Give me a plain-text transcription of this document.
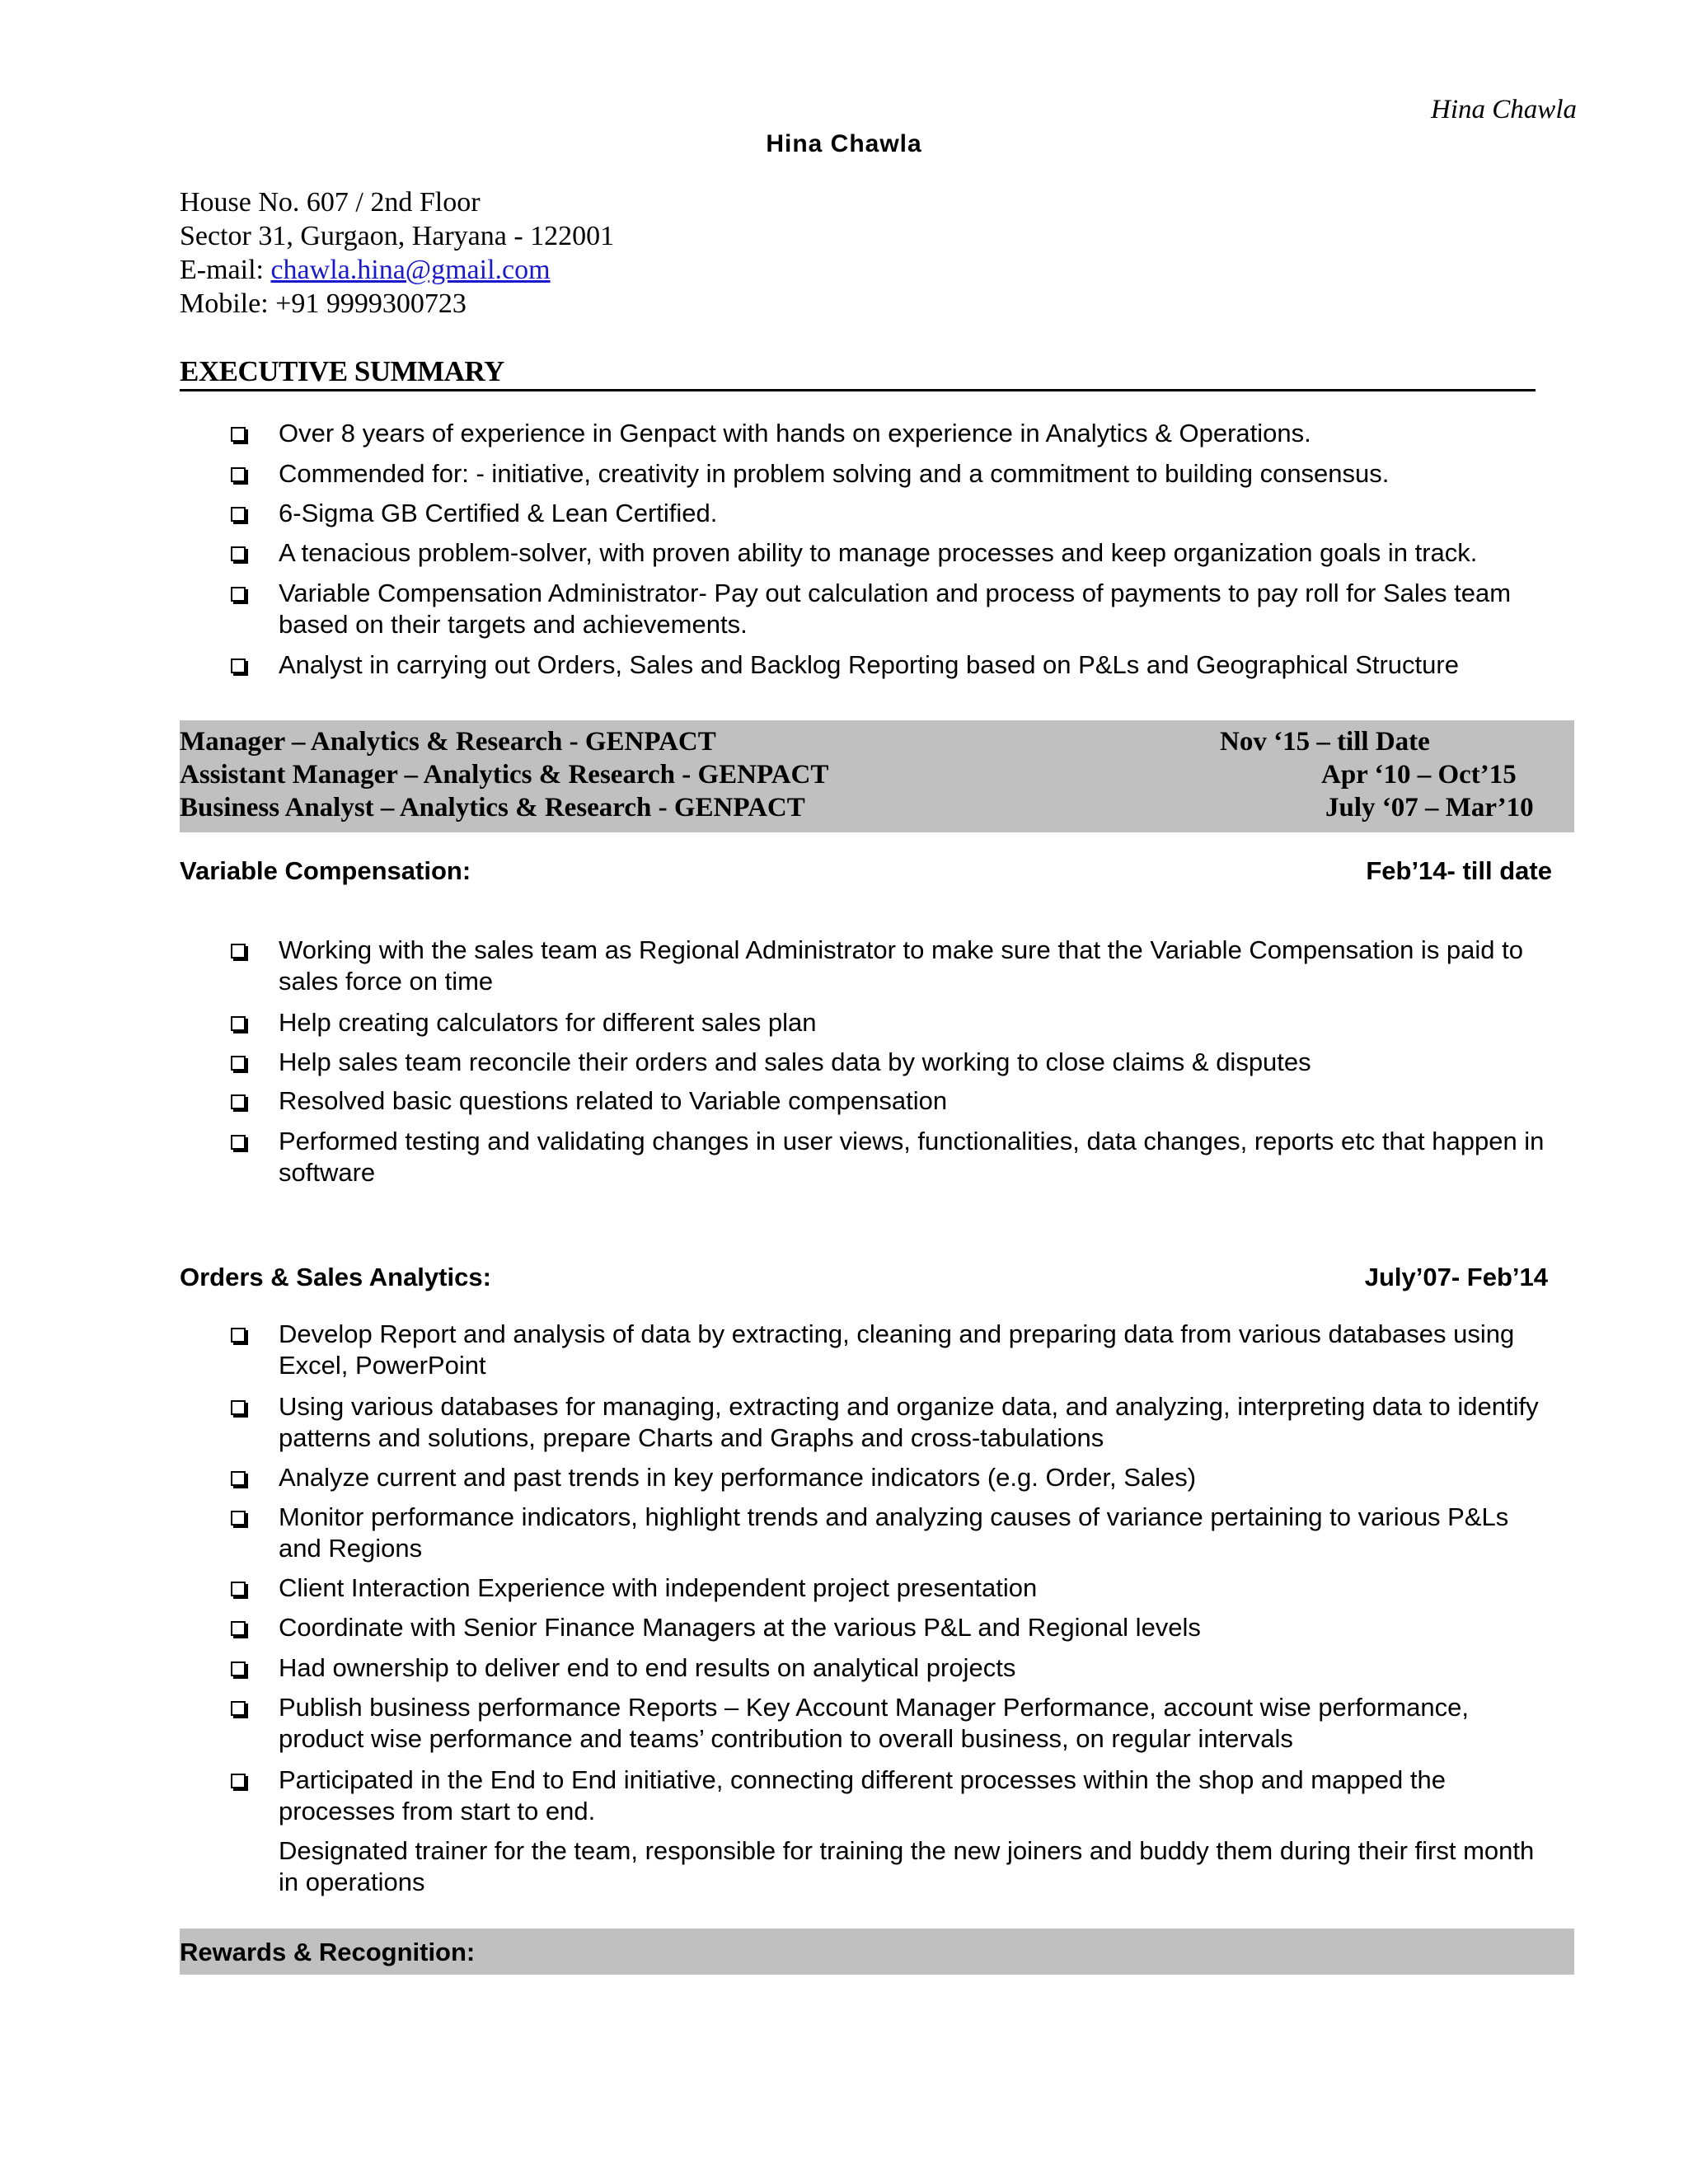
Hina Chawla
Hina Chawla
House No. 607 / 2nd Floor
Sector 31, Gurgaon, Haryana - 122001
E-mail: chawla.hina@gmail.com
Mobile: +91 9999300723
EXECUTIVE SUMMARY
Over 8 years of experience in Genpact with hands on experience in Analytics & Operations.
Commended for: - initiative, creativity in problem solving and a commitment to building consensus.
6-Sigma GB Certified & Lean Certified.
A tenacious problem-solver, with proven ability to manage processes and keep organization goals in track.
Variable Compensation Administrator- Pay out calculation and process of payments to pay roll for Sales team based on their targets and achievements.
Analyst in carrying out Orders, Sales and Backlog Reporting based on P&Ls and Geographical Structure
Manager – Analytics & Research - GENPACT	Nov ‘15 – till Date
Assistant Manager – Analytics & Research - GENPACT	Apr ‘10 – Oct’15
Business Analyst – Analytics & Research - GENPACT	July ‘07 – Mar’10
Variable Compensation:	Feb’14- till date
Working with the sales team as Regional Administrator to make sure that the Variable Compensation is paid to sales force on time
Help creating calculators for different sales plan
Help sales team reconcile their orders and sales data by working to close claims & disputes
Resolved basic questions related to Variable compensation
Performed testing and validating changes in user views, functionalities, data changes, reports etc that happen in software
Orders & Sales Analytics:	July’07- Feb’14
Develop Report and analysis of data by extracting, cleaning and preparing data from various databases using Excel, PowerPoint
Using various databases for managing, extracting and organize data, and analyzing, interpreting data to identify patterns and solutions, prepare Charts and Graphs and cross-tabulations
Analyze current and past trends in key performance indicators (e.g. Order, Sales)
Monitor performance indicators, highlight trends and analyzing causes of variance pertaining to various P&Ls and Regions
Client Interaction Experience with independent project presentation
Coordinate with Senior Finance Managers at the various P&L and Regional levels
Had ownership to deliver end to end results on analytical projects
Publish business performance Reports – Key Account Manager Performance, account wise performance, product wise performance and teams’ contribution to overall business, on regular intervals
Participated in the End to End initiative, connecting different processes within the shop and mapped the processes from start to end.
Designated trainer for the team, responsible for training the new joiners and buddy them during their first month in operations
Rewards & Recognition:
